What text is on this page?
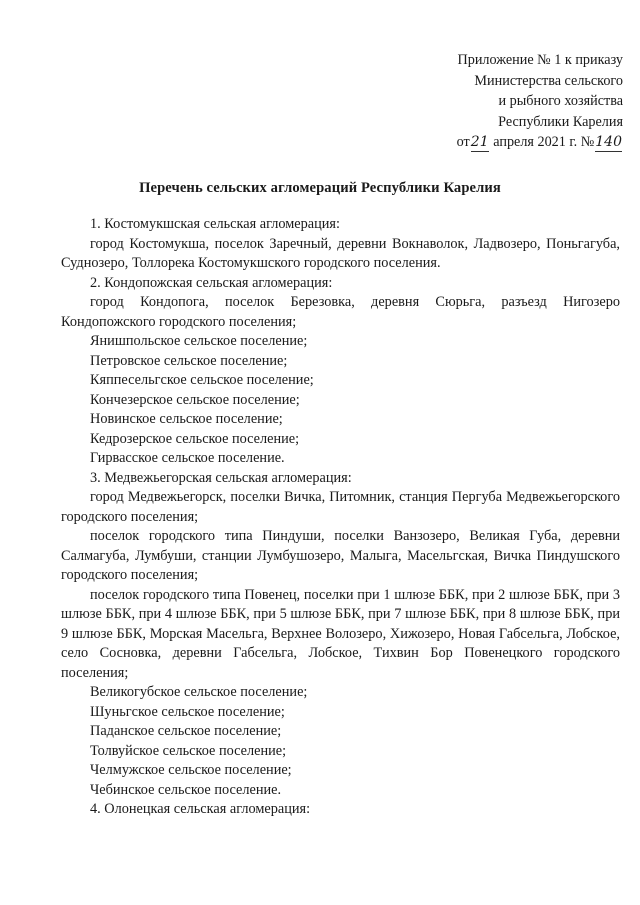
Приложение № 1 к приказу
Министерства сельского
и рыбного хозяйства
Республики Карелия
от21 апреля 2021 г. №140
Перечень сельских агломераций Республики Карелия

1. Костомукшская сельская агломерация:

город Костомукша, поселок Заречный, деревни Вокнаволок, Ладвозеро, Поньгагуба, Суднозеро, Толлорека Костомукшского городского поселения.

2. Кондопожская сельская агломерация:

город Кондопога, поселок Березовка, деревня Сюрьга, разъезд Нигозеро Кондопожского городского поселения;

Янишпольское сельское поселение;

Петровское сельское поселение;

Кяппесельгское сельское поселение;

Кончезерское сельское поселение;

Новинское сельское поселение;

Кедрозерское сельское поселение;

Гирвасское сельское поселение.

3. Медвежьегорская сельская агломерация:

город Медвежьегорск, поселки Вичка, Питомник, станция Пергуба Медвежьегорского городского поселения;

поселок городского типа Пиндуши, поселки Ванзозеро, Великая Губа, деревни Салмагуба, Лумбуши, станции Лумбушозеро, Малыга, Масельгская, Вичка Пиндушского городского поселения;

поселок городского типа Повенец, поселки при 1 шлюзе ББК, при 2 шлюзе ББК, при 3 шлюзе ББК, при 4 шлюзе ББК, при 5 шлюзе ББК, при 7 шлюзе ББК, при 8 шлюзе ББК, при 9 шлюзе ББК, Морская Масельга, Верхнее Волозеро, Хижозеро, Новая Габсельга, Лобское, село Сосновка, деревни Габсельга, Лобское, Тихвин Бор Повенецкого городского поселения;

Великогубское сельское поселение;

Шуньгское сельское поселение;

Паданское сельское поселение;

Толвуйское сельское поселение;

Челмужское сельское поселение;

Чебинское сельское поселение.

4. Олонецкая сельская агломерация:
